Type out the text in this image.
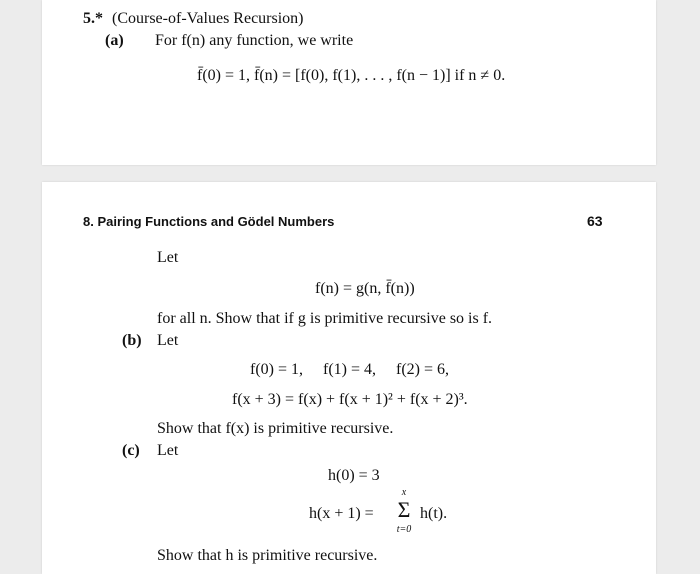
5.* (Course-of-Values Recursion)
(a) For f(n) any function, we write
f̄(0) = 1, f̄(n) = [f(0), f(1), . . . , f(n − 1)] if n ≠ 0.
8. Pairing Functions and Gödel Numbers	63
Let
f(n) = g(n, f̄(n))
for all n. Show that if g is primitive recursive so is f.
(b) Let
f(0) = 1,     f(1) = 4,     f(2) = 6,
f(x + 3) = f(x) + f(x + 1)² + f(x + 2)³.
Show that f(x) is primitive recursive.
(c) Let
h(0) = 3
h(x + 1) =
x
Σ
t=0
h(t).
Show that h is primitive recursive.
